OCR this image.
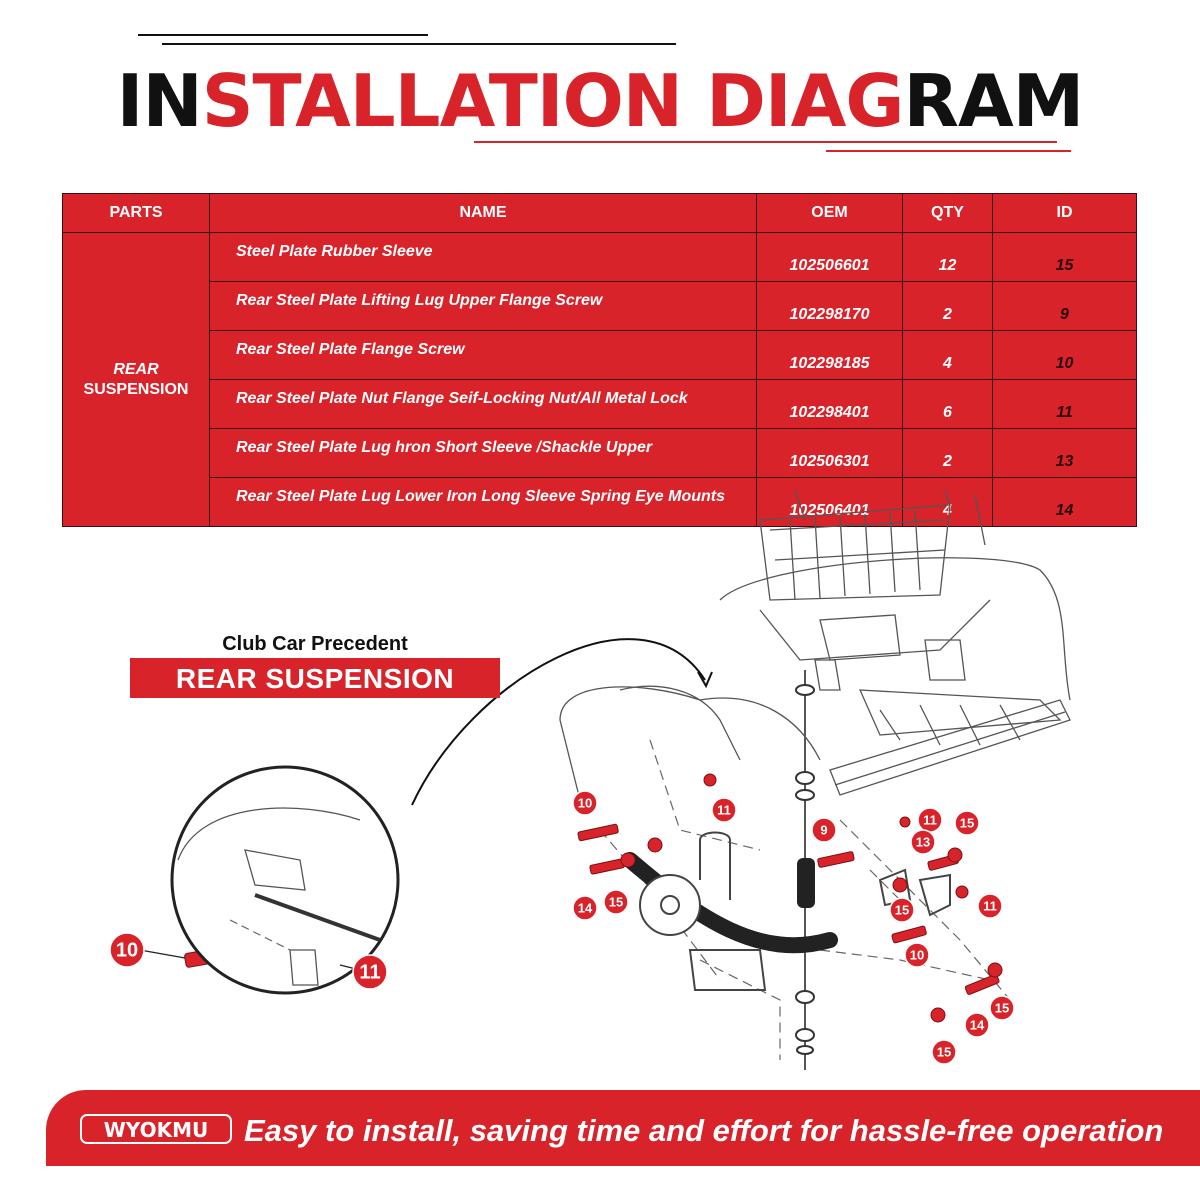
INSTALLATION DIAGRAM
PARTS	NAME	OEM	QTY	ID
REAR
SUSPENSION	Steel Plate Rubber Sleeve	102506601	12	15
	Rear Steel Plate Lifting Lug Upper Flange Screw	102298170	2	9
	Rear Steel Plate Flange Screw	102298185	4	10
	Rear Steel Plate Nut Flange Seif-Locking Nut/All Metal Lock	102298401	6	11
	Rear Steel Plate Lug hron Short Sleeve /Shackle Upper	102506301	2	13
	Rear Steel Plate Lug Lower Iron Long Sleeve Spring Eye Mounts	102506401	4	14
10	11
9
14 15
11
13
15
15	11
10
15
14
15
10
11
Club Car Precedent
REAR SUSPENSION
WYOKMU Easy to install, saving time and effort for hassle-free operation
